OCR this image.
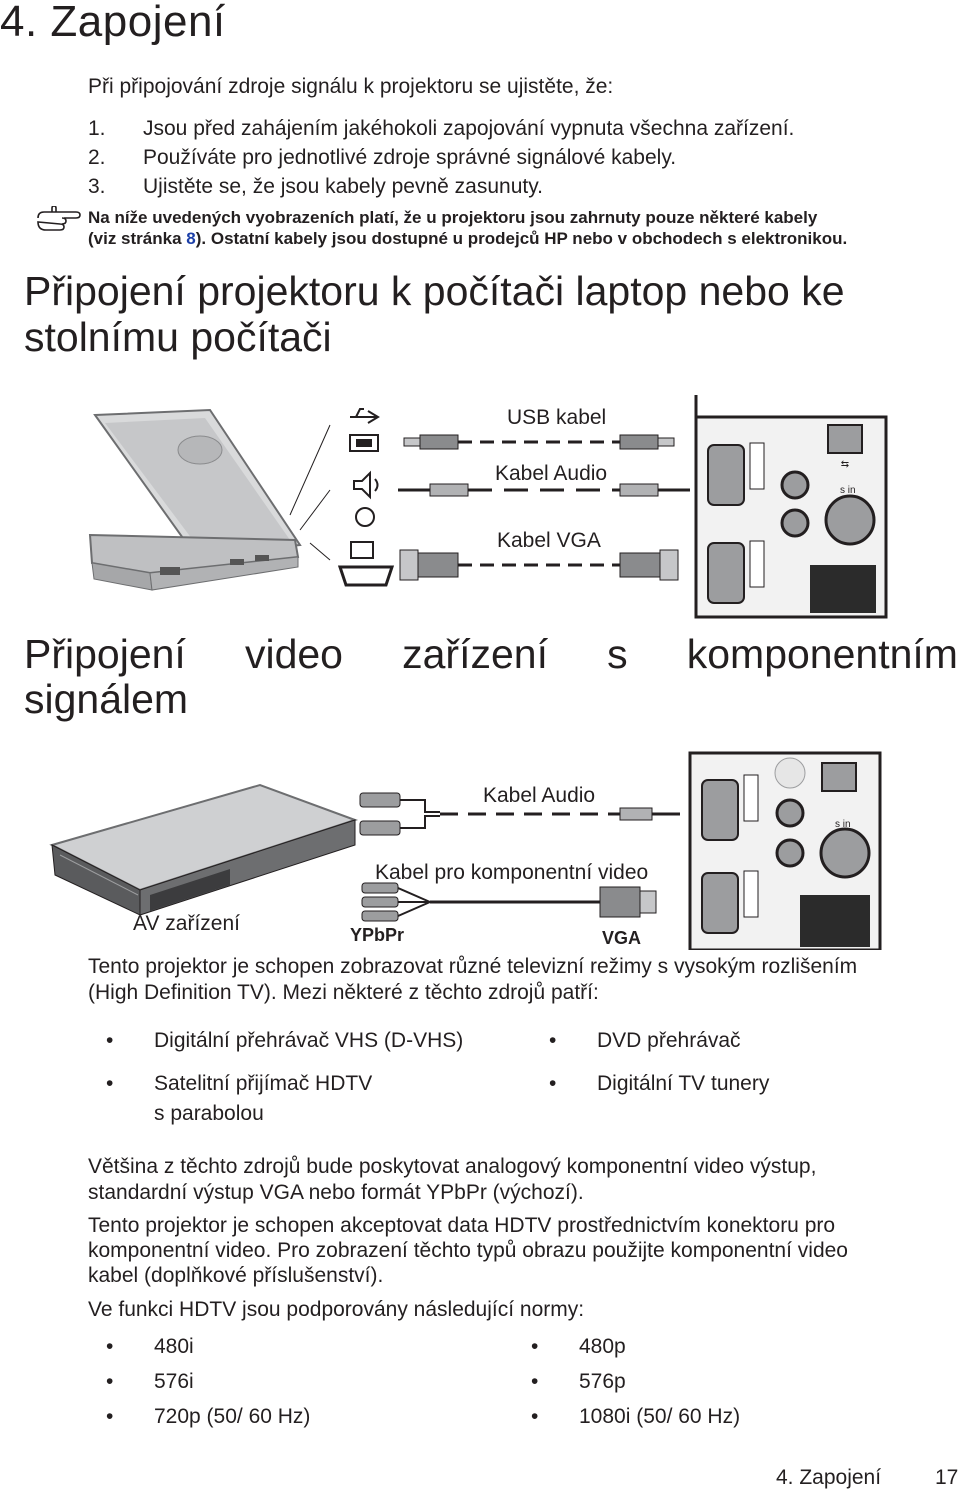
4. Zapojení
Při připojování zdroje signálu k projektoru se ujistěte, že:
1. Jsou před zahájením jakéhokoli zapojování vypnuta všechna zařízení.
2. Používáte pro jednotlivé zdroje správné signálové kabely.
3. Ujistěte se, že jsou kabely pevně zasunuty.
Na níže uvedených vyobrazeních platí, že u projektoru jsou zahrnuty pouze některé kabely
(viz stránka 8). Ostatní kabely jsou dostupné u prodejců HP nebo v obchodech s elektronikou.
Připojení projektoru k počítači laptop nebo ke
stolnímu počítači
⇆
s in
USB kabel
Kabel Audio
Kabel VGA
Připojení video zařízení s komponentním
signálem
s in
Kabel Audio
Kabel pro komponentní video
AV zařízení	YPbPr	VGA
Tento projektor je schopen zobrazovat různé televizní režimy s vysokým rozlišením
(High Definition TV). Mezi některé z těchto zdrojů patří:
• Digitální přehrávač VHS (D-VHS)
• Satelitní přijímač HDTV
s parabolou
• DVD přehrávač
• Digitální TV tunery
Většina z těchto zdrojů bude poskytovat analogový komponentní video výstup,
standardní výstup VGA nebo formát YPbPr (výchozí).
Tento projektor je schopen akceptovat data HDTV prostřednictvím konektoru pro
komponentní video. Pro zobrazení těchto typů obrazu použijte komponentní video
kabel (doplňkové příslušenství).
Ve funkci HDTV jsou podporovány následující normy:
• 480i
• 576i
• 720p (50/ 60 Hz)
• 480p
• 576p
• 1080i (50/ 60 Hz)
4. Zapojení	17
